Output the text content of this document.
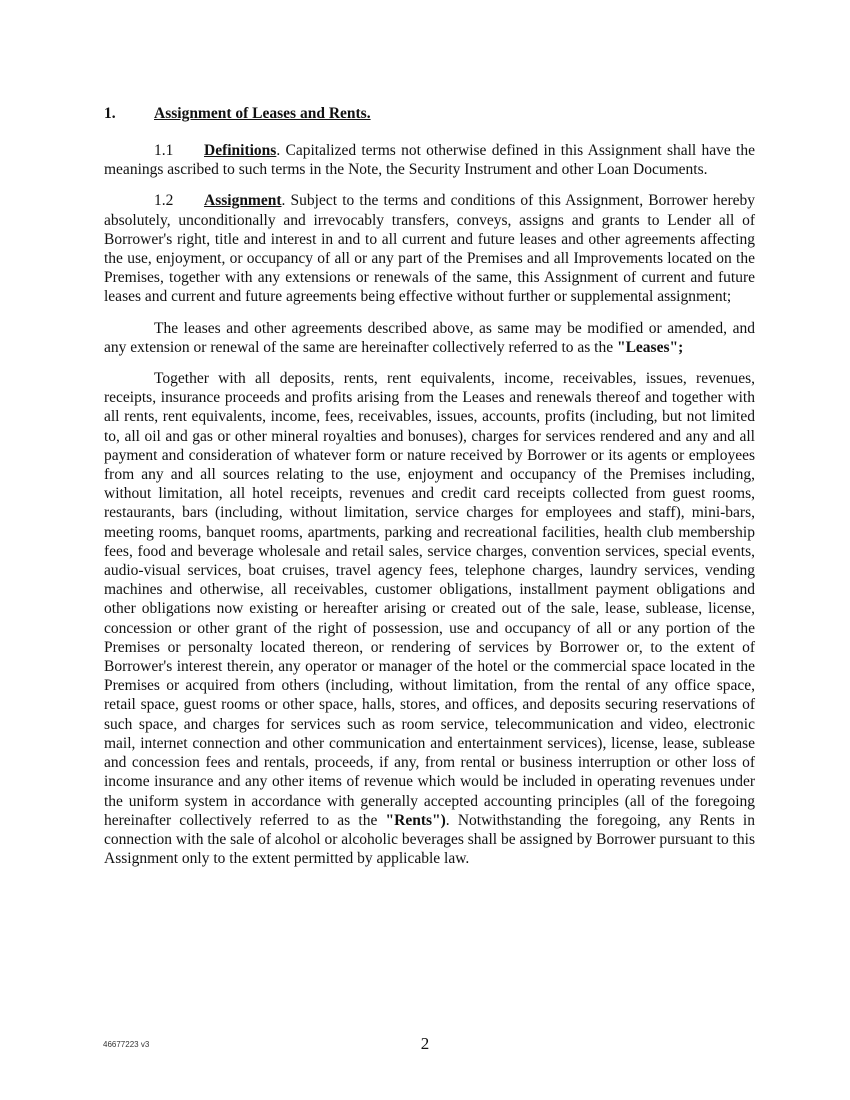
1. Assignment of Leases and Rents.

1.1 Definitions. Capitalized terms not otherwise defined in this Assignment shall have the meanings ascribed to such terms in the Note, the Security Instrument and other Loan Documents.

1.2 Assignment. Subject to the terms and conditions of this Assignment, Borrower hereby absolutely, unconditionally and irrevocably transfers, conveys, assigns and grants to Lender all of Borrower's right, title and interest in and to all current and future leases and other agreements affecting the use, enjoyment, or occupancy of all or any part of the Premises and all Improvements located on the Premises, together with any extensions or renewals of the same, this Assignment of current and future leases and current and future agreements being effective without further or supplemental assignment;

The leases and other agreements described above, as same may be modified or amended, and any extension or renewal of the same are hereinafter collectively referred to as the "Leases";

Together with all deposits, rents, rent equivalents, income, receivables, issues, revenues, receipts, insurance proceeds and profits arising from the Leases and renewals thereof and together with all rents, rent equivalents, income, fees, receivables, issues, accounts, profits (including, but not limited to, all oil and gas or other mineral royalties and bonuses), charges for services rendered and any and all payment and consideration of whatever form or nature received by Borrower or its agents or employees from any and all sources relating to the use, enjoyment and occupancy of the Premises including, without limitation, all hotel receipts, revenues and credit card receipts collected from guest rooms, restaurants, bars (including, without limitation, service charges for employees and staff), mini-bars, meeting rooms, banquet rooms, apartments, parking and recreational facilities, health club membership fees, food and beverage wholesale and retail sales, service charges, convention services, special events, audio-visual services, boat cruises, travel agency fees, telephone charges, laundry services, vending machines and otherwise, all receivables, customer obligations, installment payment obligations and other obligations now existing or hereafter arising or created out of the sale, lease, sublease, license, concession or other grant of the right of possession, use and occupancy of all or any portion of the Premises or personalty located thereon, or rendering of services by Borrower or, to the extent of Borrower's interest therein, any operator or manager of the hotel or the commercial space located in the Premises or acquired from others (including, without limitation, from the rental of any office space, retail space, guest rooms or other space, halls, stores, and offices, and deposits securing reservations of such space, and charges for services such as room service, telecommunication and video, electronic mail, internet connection and other communication and entertainment services), license, lease, sublease and concession fees and rentals, proceeds, if any, from rental or business interruption or other loss of income insurance and any other items of revenue which would be included in operating revenues under the uniform system in accordance with generally accepted accounting principles (all of the foregoing hereinafter collectively referred to as the "Rents"). Notwithstanding the foregoing, any Rents in connection with the sale of alcohol or alcoholic beverages shall be assigned by Borrower pursuant to this Assignment only to the extent permitted by applicable law.

46677223 v3	2
